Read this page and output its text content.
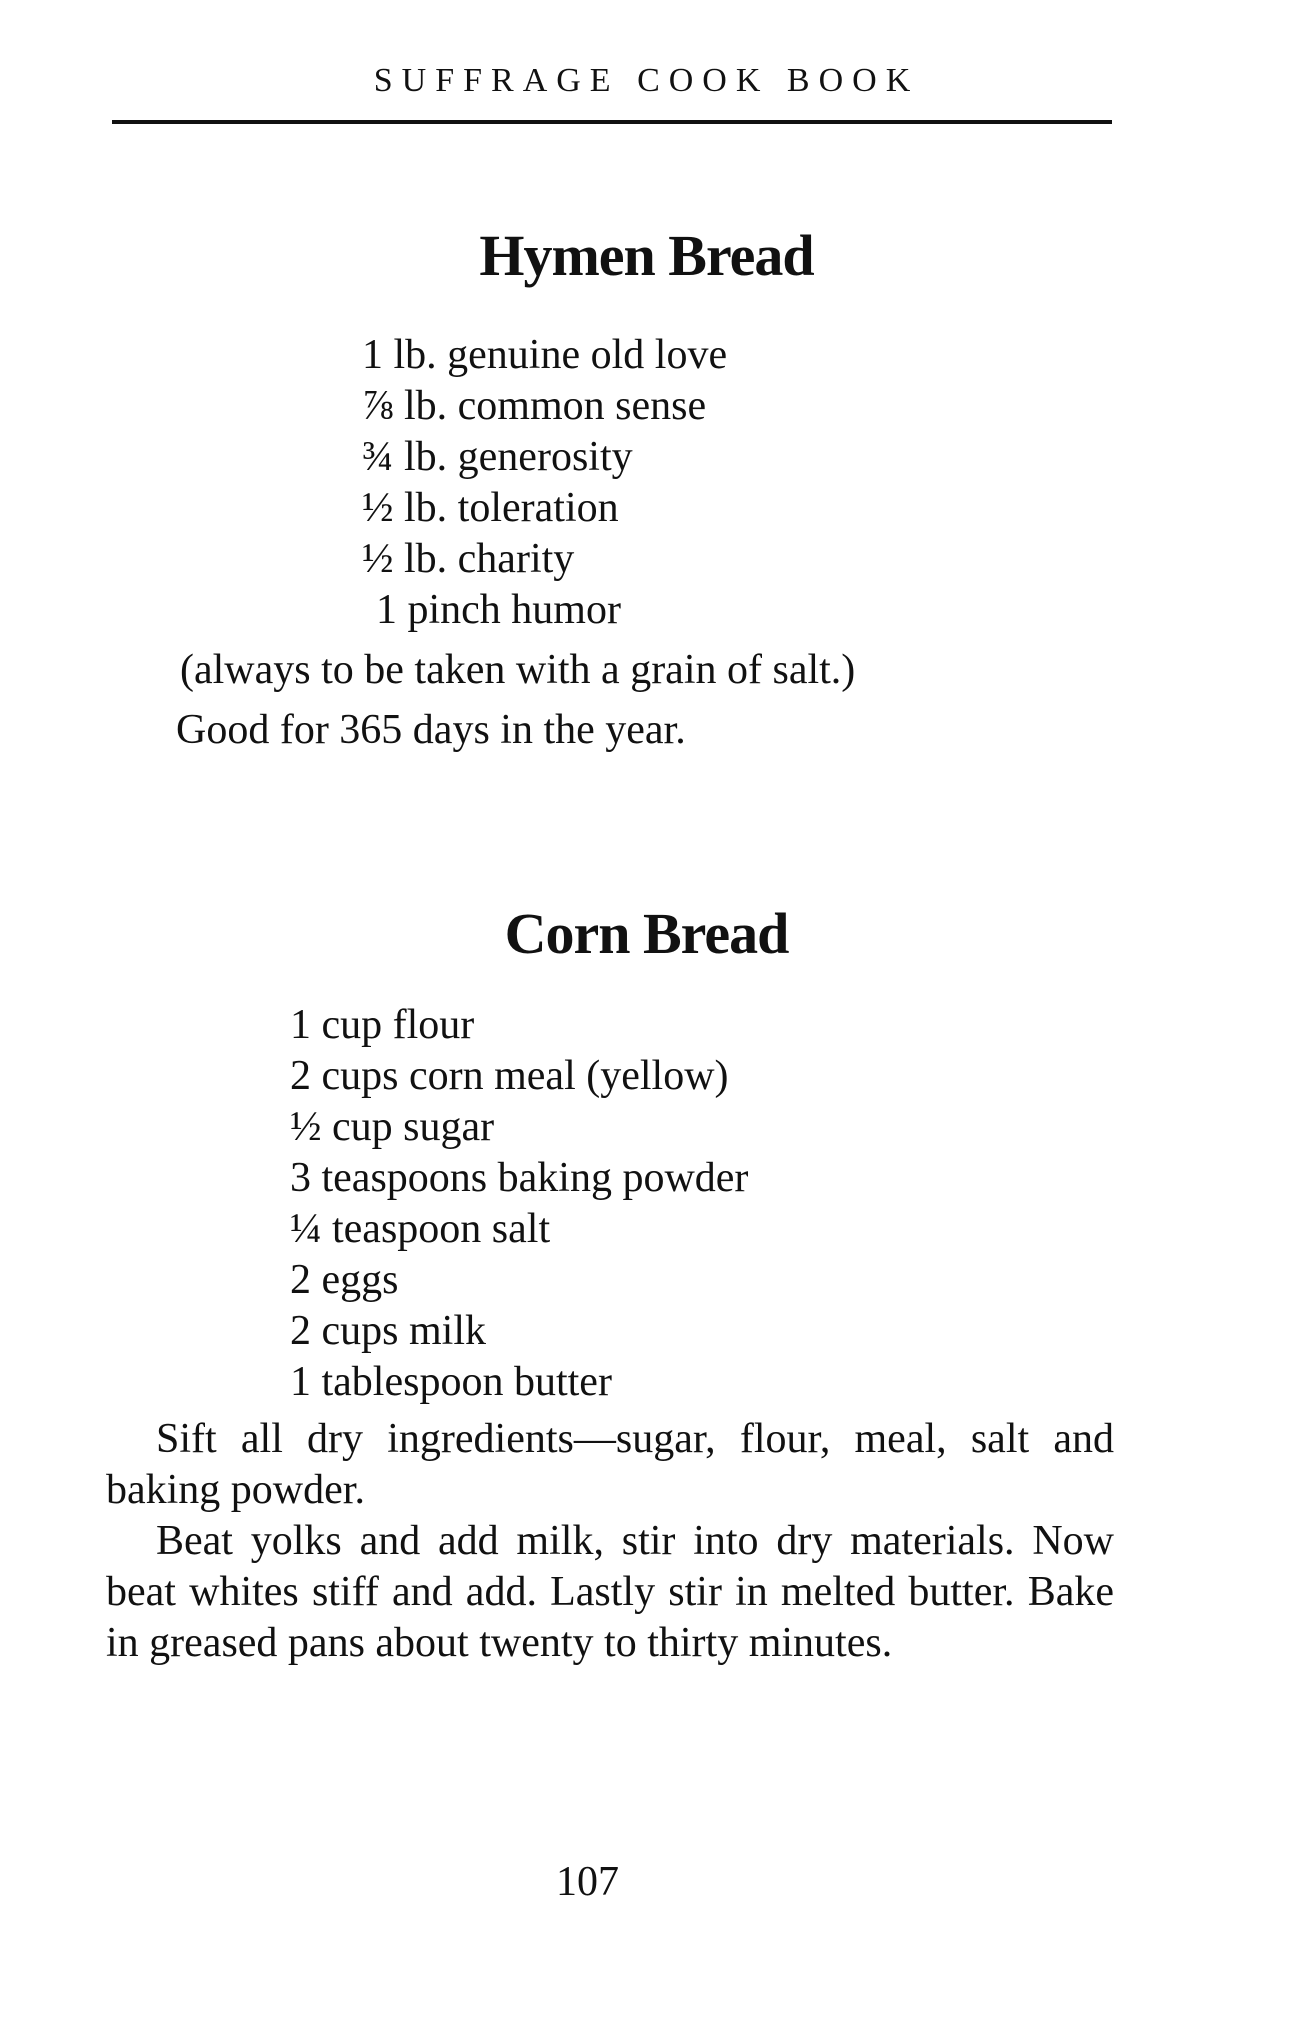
SUFFRAGE COOK BOOK
Hymen Bread
1 lb. genuine old love
⅞ lb. common sense
¾ lb. generosity
½ lb. toleration
½ lb. charity
1 pinch humor
(always to be taken with a grain of salt.)
Good for 365 days in the year.
Corn Bread
1 cup flour
2 cups corn meal (yellow)
½ cup sugar
3 teaspoons baking powder
¼ teaspoon salt
2 eggs
2 cups milk
1 tablespoon butter

Sift all dry ingredients—sugar, flour, meal, salt and baking powder.

Beat yolks and add milk, stir into dry materials. Now beat whites stiff and add. Lastly stir in melted butter. Bake in greased pans about twenty to thirty minutes.

107
